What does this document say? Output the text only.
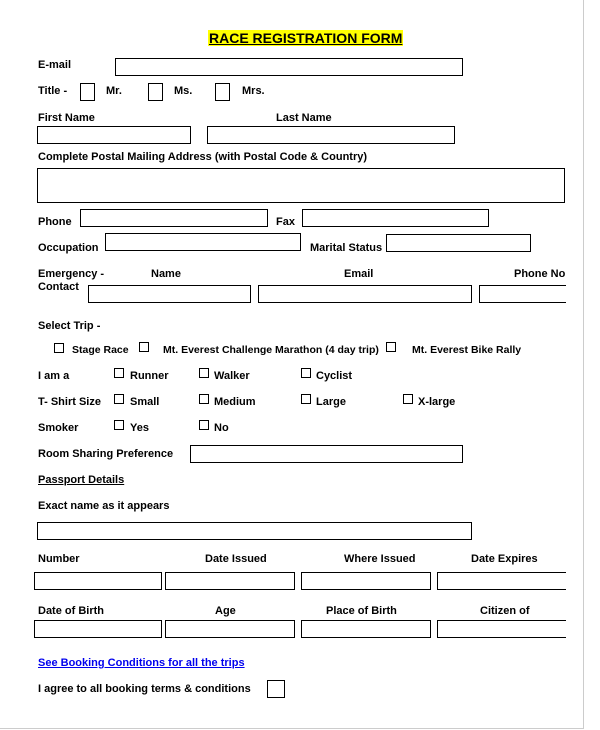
RACE REGISTRATION FORM
E-mail
Title -	Mr.	Ms.	Mrs.
First Name	Last Name
Complete Postal Mailing Address (with Postal Code & Country)
Phone	Fax
Occupation	Marital Status
Emergency -
Contact
Name	Email	Phone No
Select Trip -
Stage Race	Mt. Everest Challenge Marathon (4 day trip)	Mt. Everest Bike Rally
I am a	Runner	Walker	Cyclist
T- Shirt Size	Small	Medium	Large	X-large
Smoker	Yes	No
Room Sharing Preference
Passport Details
Exact name as it appears
Number	Date Issued	Where Issued	Date Expires
Date of Birth	Age	Place of Birth	Citizen of
See Booking Conditions for all the trips
I agree to all booking terms & conditions
